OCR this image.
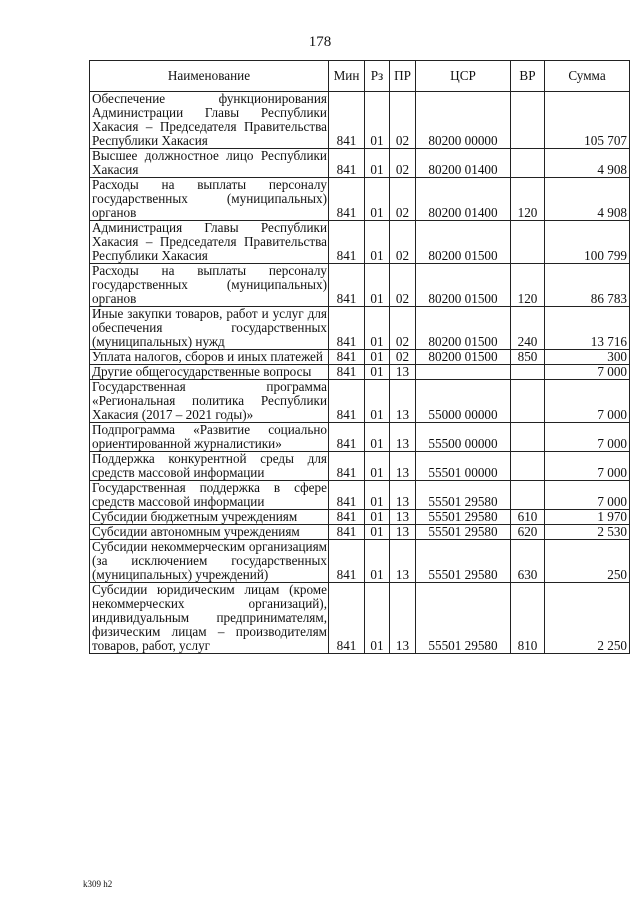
178
Наименование	Мин	Рз	ПР	ЦСР	ВР	Сумма
Обеспечение функционирования Администрации Главы Республики Хакасия – Председателя Правительства Республики Хакасия	841	01	02	80200 00000		105 707
Высшее должностное лицо Республики Хакасия	841	01	02	80200 01400		4 908
Расходы на выплаты персоналу государственных (муниципальных) органов	841	01	02	80200 01400	120	4 908
Администрация Главы Республики Хакасия – Председателя Правительства Республики Хакасия	841	01	02	80200 01500		100 799
Расходы на выплаты персоналу государственных (муниципальных) органов	841	01	02	80200 01500	120	86 783
Иные закупки товаров, работ и услуг для обеспечения государственных (муниципальных) нужд	841	01	02	80200 01500	240	13 716
Уплата налогов, сборов и иных платежей	841	01	02	80200 01500	850	300
Другие общегосударственные вопросы	841	01	13			7 000
Государственная программа «Региональная политика Республики Хакасия (2017 – 2021 годы)»	841	01	13	55000 00000		7 000
Подпрограмма «Развитие социально ориентированной журналистики»	841	01	13	55500 00000		7 000
Поддержка конкурентной среды для средств массовой информации	841	01	13	55501 00000		7 000
Государственная поддержка в сфере средств массовой информации	841	01	13	55501 29580		7 000
Субсидии бюджетным учреждениям	841	01	13	55501 29580	610	1 970
Субсидии автономным учреждениям	841	01	13	55501 29580	620	2 530
Субсидии некоммерческим организациям (за исключением государственных (муниципальных) учреждений)	841	01	13	55501 29580	630	250
Субсидии юридическим лицам (кроме некоммерческих организаций), индивидуальным предпринимателям, физическим лицам – производителям товаров, работ, услуг	841	01	13	55501 29580	810	2 250
k309 h2
